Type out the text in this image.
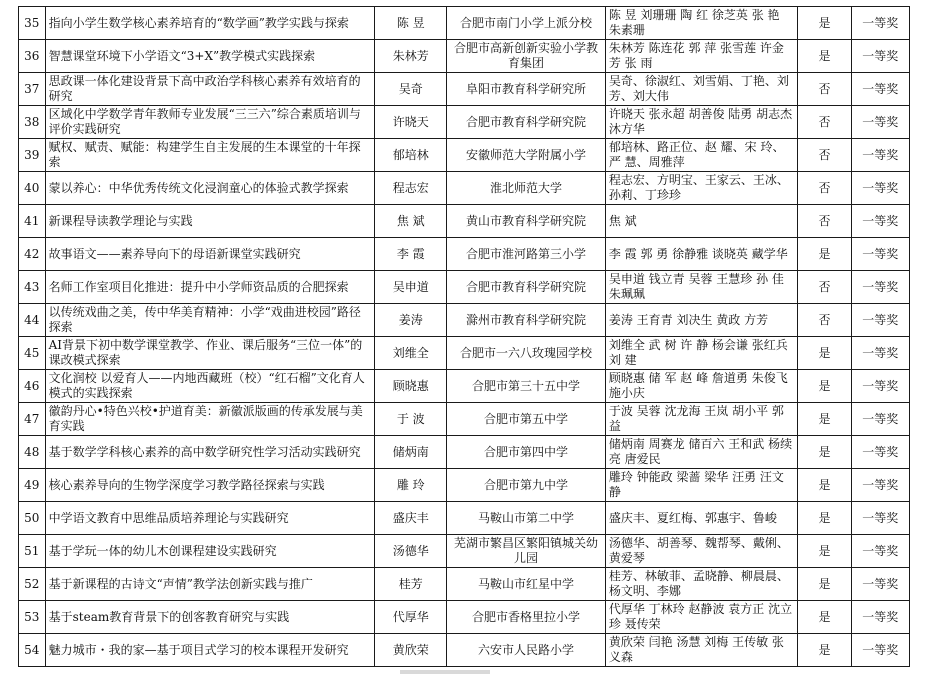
35	指向小学生数学核心素养培育的“数学画”教学实践与探索	陈 昱	合肥市南门小学上派分校	陈 昱 刘珊珊 陶 红 徐芝英 张 艳 朱素珊	是	一等奖
36	智慧课堂环境下小学语文“3+X”教学模式实践探索	朱林芳	合肥市高新创新实验小学教育集团	朱林芳 陈连花 郭 萍 张雪莲 许金芳 张 雨	是	一等奖
37	思政课一体化建设背景下高中政治学科核心素养有效培育的研究	吴奇	阜阳市教育科学研究所	吴奇、徐淑红、刘雪娟、丁艳、刘芳、刘大伟	否	一等奖
38	区域化中学数学青年教师专业发展“三三六”综合素质培训与评价实践研究	许晓天	合肥市教育科学研究院	许晓天 张永超 胡善俊 陆勇 胡志杰 沐方华	否	一等奖
39	赋权、赋责、赋能：构建学生自主发展的生本课堂的十年探索	郁培林	安徽师范大学附属小学	郁培林、路正位、赵 耀、宋 玲、严 慧、周雅萍	否	一等奖
40	蒙以养心：中华优秀传统文化浸润童心的体验式教学探索	程志宏	淮北师范大学	程志宏、方明宝、王家云、王冰、孙莉、丁珍珍	否	一等奖
41	新课程导读教学理论与实践	焦 斌	黄山市教育科学研究院	焦 斌	否	一等奖
42	故事语文——素养导向下的母语新课堂实践研究	李 霞	合肥市淮河路第三小学	李 霞 郭 勇 徐静雅 谈晓英 藏学华	是	一等奖
43	名师工作室项目化推进：提升中小学师资品质的合肥探索	吴申道	合肥市教育科学研究院	吴申道 钱立青 吴蓉 王慧珍 孙 佳 朱珮珮	否	一等奖
44	以传统戏曲之美，传中华美育精神：小学“戏曲进校园”路径探索	姜涛	滁州市教育科学研究院	姜涛 王育青 刘决生 黄政 方芳	否	一等奖
45	AI背景下初中数学课堂教学、作业、课后服务“三位一体”的课改模式探索	刘维全	合肥市一六八玫瑰园学校	刘维全 武 树 许 静 杨会谦 张红兵 刘 建	是	一等奖
46	文化润校 以爱育人——内地西藏班（校）“红石榴”文化育人模式的实践探索	顾晓惠	合肥市第三十五中学	顾晓惠 储 军 赵 峰 詹道勇 朱俊飞 施小庆	是	一等奖
47	徽韵丹心•特色兴校•护道育美：新徽派版画的传承发展与美育实践	于 波	合肥市第五中学	于波 吴蓉 沈龙海 王岚 胡小平 郭益	是	一等奖
48	基于数学学科核心素养的高中数学研究性学习活动实践研究	储炳南	合肥市第四中学	储炳南 周赛龙 储百六 王和武 杨续亮 唐爱民	是	一等奖
49	核心素养导向的生物学深度学习教学路径探索与实践	雕 玲	合肥市第九中学	雕玲 钟能政 梁蔷 梁华 汪勇 汪文静	是	一等奖
50	中学语文教育中思维品质培养理论与实践研究	盛庆丰	马鞍山市第二中学	盛庆丰、夏红梅、郭惠宇、鲁峻	是	一等奖
51	基于学玩一体的幼儿木创课程建设实践研究	汤德华	芜湖市繁昌区繁阳镇城关幼儿园	汤德华、胡善琴、魏帮琴、戴俐、黄爱琴	是	一等奖
52	基于新课程的古诗文“声情”教学法创新实践与推广	桂芳	马鞍山市红星中学	桂芳、林敏菲、孟晓静、柳晨晨、杨文明、李娜	是	一等奖
53	基于steam教育背景下的创客教育研究与实践	代厚华	合肥市香格里拉小学	代厚华 丁林玲 赵静波 袁方正 沈立珍 聂传荣	是	一等奖
54	魅力城市・我的家—基于项目式学习的校本课程开发研究	黄欣荣	六安市人民路小学	黄欣荣 闫艳 汤慧 刘梅 王传敏 张义森	是	一等奖
